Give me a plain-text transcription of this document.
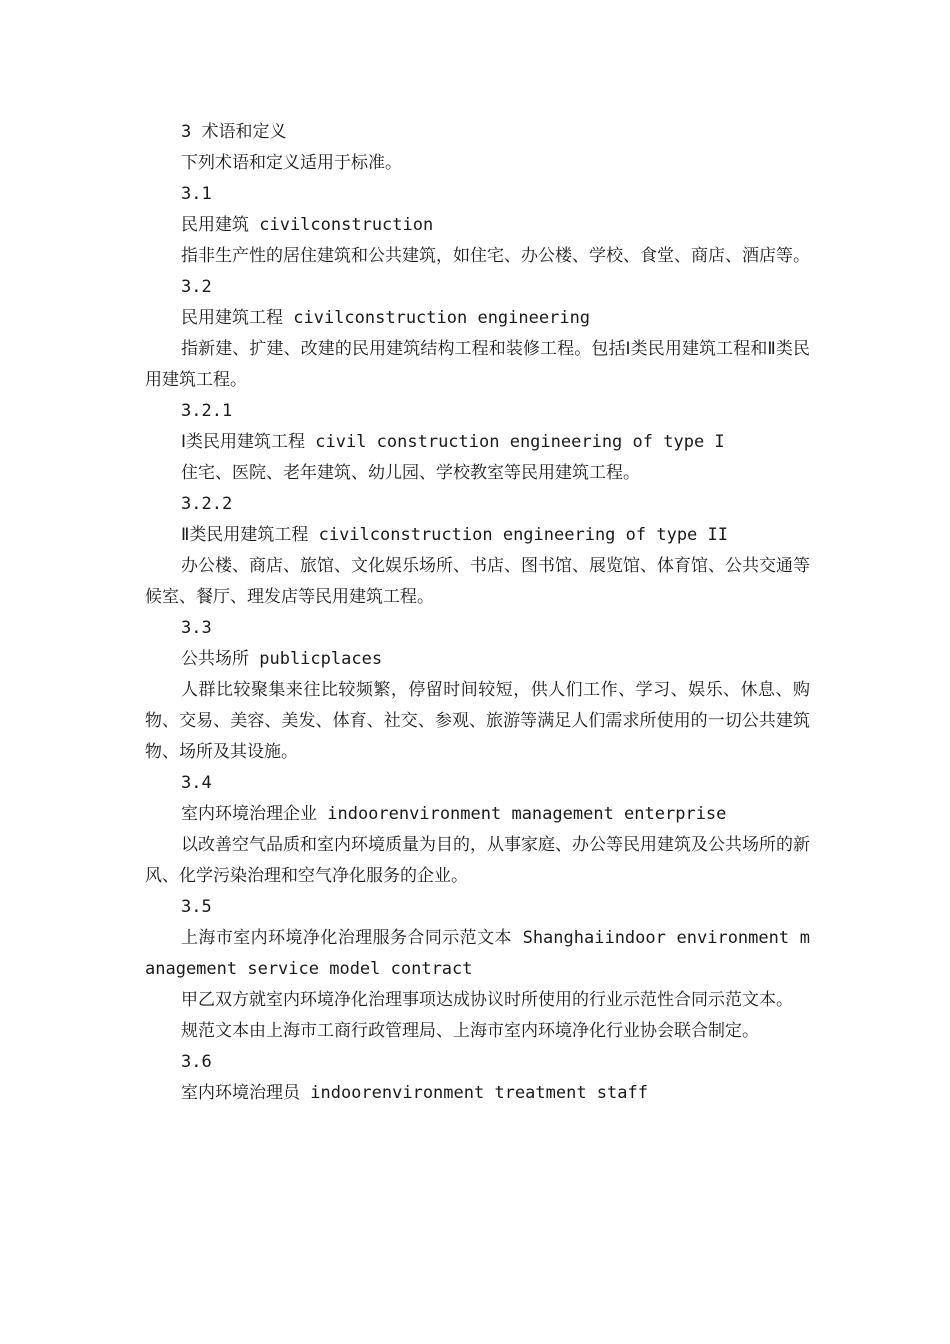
3 术语和定义

下列术语和定义适用于标准。

3.1

民用建筑 civilconstruction

指非生产性的居住建筑和公共建筑，如住宅、办公楼、学校、食堂、商店、酒店等。

3.2

民用建筑工程 civilconstruction engineering

指新建、扩建、改建的民用建筑结构工程和装修工程。包括Ⅰ类民用建筑工程和Ⅱ类民用建筑工程。

3.2.1

Ⅰ类民用建筑工程 civil construction engineering of type I

住宅、医院、老年建筑、幼儿园、学校教室等民用建筑工程。

3.2.2

Ⅱ类民用建筑工程 civilconstruction engineering of type II

办公楼、商店、旅馆、文化娱乐场所、书店、图书馆、展览馆、体育馆、公共交通等候室、餐厅、理发店等民用建筑工程。

3.3

公共场所 publicplaces

人群比较聚集来往比较频繁，停留时间较短，供人们工作、学习、娱乐、休息、购物、交易、美容、美发、体育、社交、参观、旅游等满足人们需求所使用的一切公共建筑物、场所及其设施。

3.4

室内环境治理企业 indoorenvironment management enterprise

以改善空气品质和室内环境质量为目的，从事家庭、办公等民用建筑及公共场所的新风、化学污染治理和空气净化服务的企业。

3.5

上海市室内环境净化治理服务合同示范文本 Shanghaiindoor environment management service model contract

甲乙双方就室内环境净化治理事项达成协议时所使用的行业示范性合同示范文本。

规范文本由上海市工商行政管理局、上海市室内环境净化行业协会联合制定。

3.6

室内环境治理员 indoorenvironment treatment staff
